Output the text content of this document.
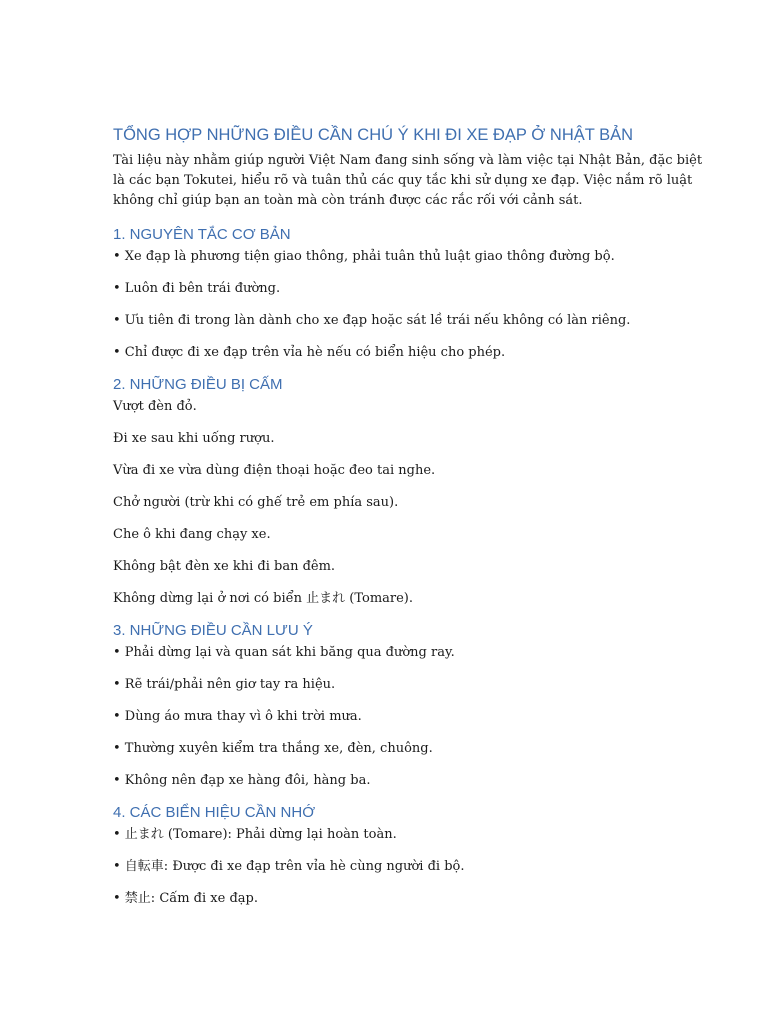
TỔNG HỢP NHỮNG ĐIỀU CẦN CHÚ Ý KHI ĐI XE ĐẠP Ở NHẬT BẢN

Tài liệu này nhằm giúp người Việt Nam đang sinh sống và làm việc tại Nhật Bản, đặc biệt

là các bạn Tokutei, hiểu rõ và tuân thủ các quy tắc khi sử dụng xe đạp. Việc nắm rõ luật

không chỉ giúp bạn an toàn mà còn tránh được các rắc rối với cảnh sát.

1. NGUYÊN TẮC CƠ BẢN
• Xe đạp là phương tiện giao thông, phải tuân thủ luật giao thông đường bộ.
• Luôn đi bên trái đường.
• Ưu tiên đi trong làn dành cho xe đạp hoặc sát lề trái nếu không có làn riêng.
• Chỉ được đi xe đạp trên vỉa hè nếu có biển hiệu cho phép.
2. NHỮNG ĐIỀU BỊ CẤM
Vượt đèn đỏ.
Đi xe sau khi uống rượu.
Vừa đi xe vừa dùng điện thoại hoặc đeo tai nghe.
Chở người (trừ khi có ghế trẻ em phía sau).
Che ô khi đang chạy xe.
Không bật đèn xe khi đi ban đêm.
Không dừng lại ở nơi có biển 止まれ (Tomare).
3. NHỮNG ĐIỀU CẦN LƯU Ý
• Phải dừng lại và quan sát khi băng qua đường ray.
• Rẽ trái/phải nên giơ tay ra hiệu.
• Dùng áo mưa thay vì ô khi trời mưa.
• Thường xuyên kiểm tra thắng xe, đèn, chuông.
• Không nên đạp xe hàng đôi, hàng ba.
4. CÁC BIỂN HIỆU CẦN NHỚ
• 止まれ (Tomare): Phải dừng lại hoàn toàn.
• 自転車: Được đi xe đạp trên vỉa hè cùng người đi bộ.
• 禁止: Cấm đi xe đạp.
